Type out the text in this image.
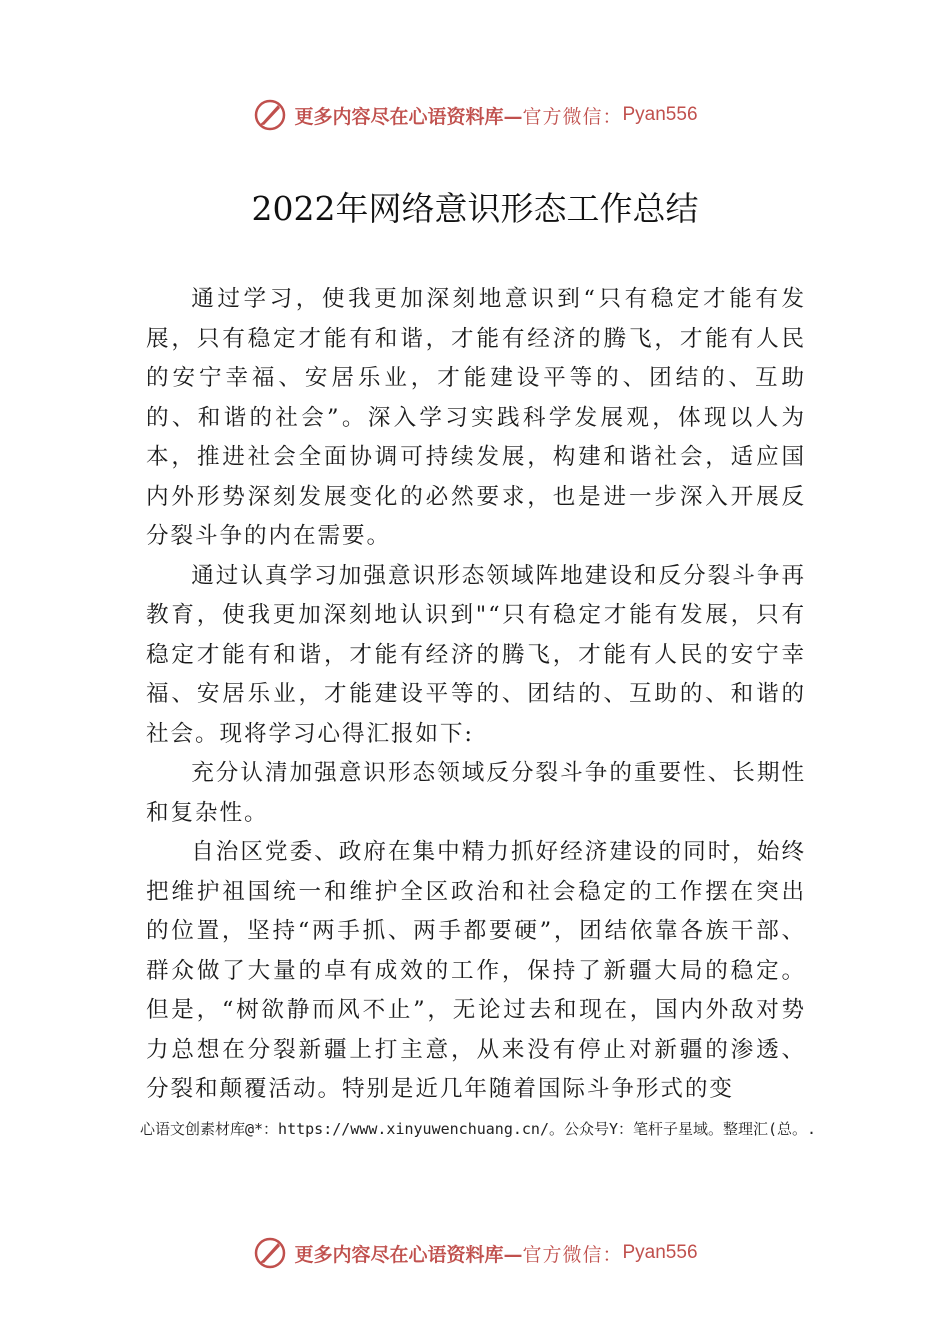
更多内容尽在心语资料库— 官方微信： Pyan556
2022年网络意识形态工作总结

通过学习，使我更加深刻地意识到“只有稳定才能有发展，只有稳定才能有和谐，才能有经济的腾飞，才能有人民的安宁幸福、安居乐业，才能建设平等的、团结的、互助的、和谐的社会”。深入学习实践科学发展观，体现以人为本，推进社会全面协调可持续发展，构建和谐社会，适应国内外形势深刻发展变化的必然要求，也是进一步深入开展反分裂斗争的内在需要。

通过认真学习加强意识形态领域阵地建设和反分裂斗争再教育，使我更加深刻地认识到"“只有稳定才能有发展，只有稳定才能有和谐，才能有经济的腾飞，才能有人民的安宁幸福、安居乐业，才能建设平等的、团结的、互助的、和谐的社会。现将学习心得汇报如下:

充分认清加强意识形态领域反分裂斗争的重要性、长期性和复杂性。

自治区党委、政府在集中精力抓好经济建设的同时，始终把维护祖国统一和维护全区政治和社会稳定的工作摆在突出的位置，坚持“两手抓、两手都要硬”，团结依靠各族干部、群众做了大量的卓有成效的工作，保持了新疆大局的稳定。但是，“树欲静而风不止”，无论过去和现在，国内外敌对势力总想在分裂新疆上打主意，从来没有停止对新疆的渗透、分裂和颠覆活动。特别是近几年随着国际斗争形式的变

心语文创素材库@*：https://www.xinyuwenchuang.cn/。公众号Y：笔杆子星域。整理汇(总。.
更多内容尽在心语资料库— 官方微信： Pyan556
